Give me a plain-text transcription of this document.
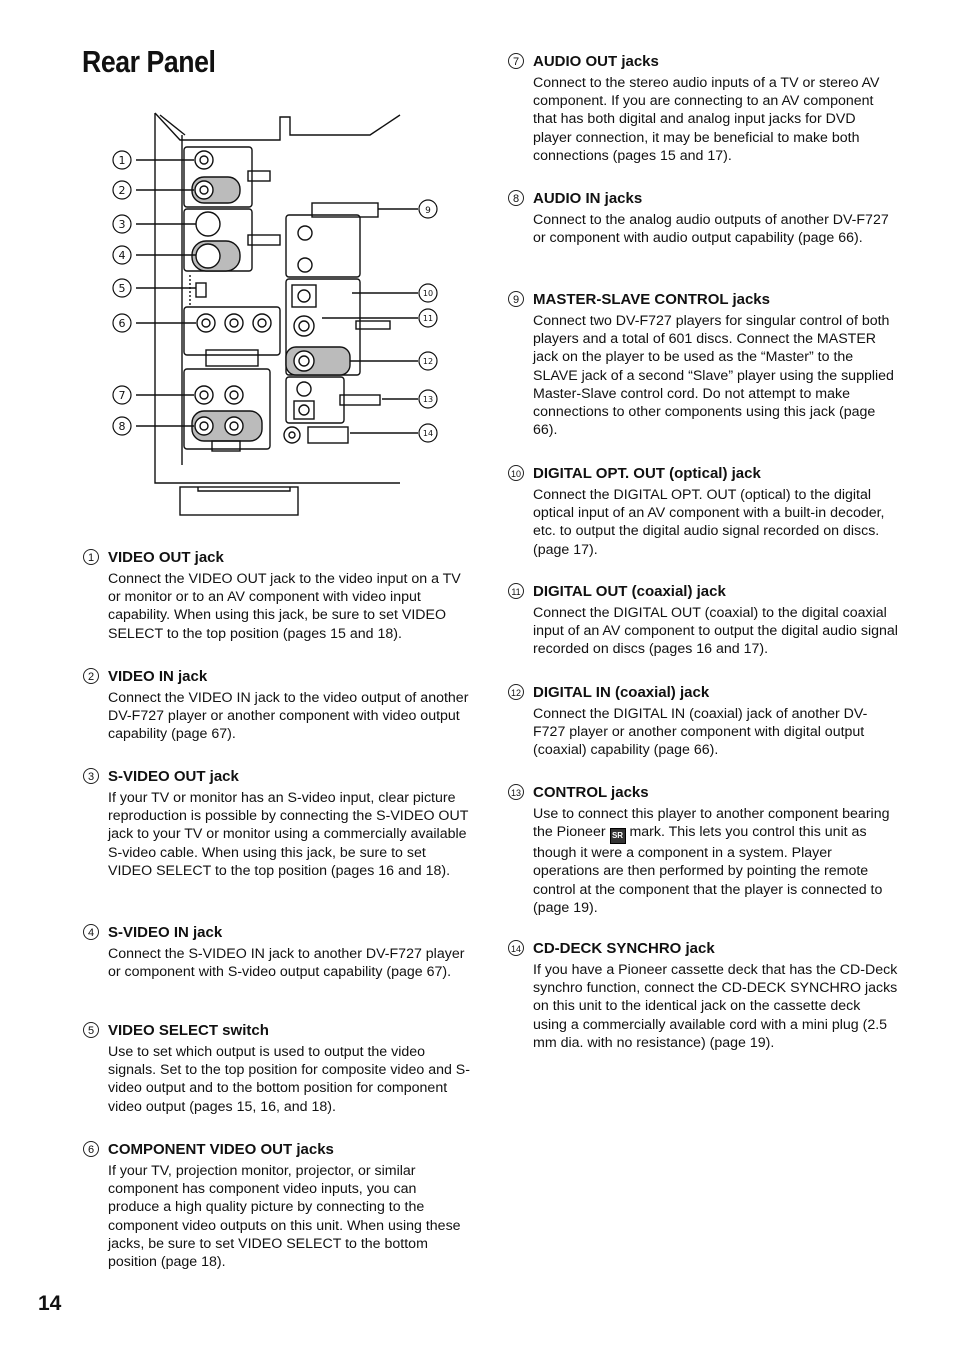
Rear Panel
1
2
3
4
5
6
7
8
9
10
11
12
13
14
1 VIDEO OUT jack

Connect the VIDEO OUT jack to the video input on a TV or monitor or to an AV component with video input capability. When using this jack, be sure to set VIDEO SELECT to the top position (pages 15 and 18).

2 VIDEO IN jack

Connect the VIDEO IN jack to the video output of another DV-F727 player or another component with video output capability (page 67).

3 S-VIDEO OUT jack

If your TV or monitor has an S-video input, clear picture reproduction is possible by connecting the S-VIDEO OUT jack to your TV or monitor using a commercially available S-video cable. When using this jack, be sure to set VIDEO SELECT to the top position (pages 16 and 18).

4 S-VIDEO IN jack

Connect the S-VIDEO IN jack to another DV-F727 player or component with S-video output capability (page 67).

5 VIDEO SELECT switch

Use to set which output is used to output the video signals. Set to the top position for composite video and S-video output and to the bottom position for component video output (pages 15, 16, and 18).

6 COMPONENT VIDEO OUT jacks

If your TV, projection monitor, projector, or similar component has component video inputs, you can produce a high quality picture by connecting to the component video outputs on this unit. When using these jacks, be sure to set VIDEO SELECT to the bottom position (page 18).

7 AUDIO OUT jacks

Connect to the stereo audio inputs of a TV or stereo AV component. If you are connecting to an AV component that has both digital and analog input jacks for DVD player connection, it may be beneficial to make both connections (pages 15 and 17).

8 AUDIO IN jacks

Connect to the analog audio outputs of another DV-F727 or component with audio output capability (page 66).

9 MASTER-SLAVE CONTROL jacks

Connect two DV-F727 players for singular control of both players and a total of 601 discs. Connect the MASTER jack on the player to be used as the “Master” to the SLAVE jack of a second “Slave” player using the supplied Master-Slave control cord. Do not attempt to make connections to other components using this jack (page 66).

10 DIGITAL OPT. OUT (optical) jack

Connect the DIGITAL OPT. OUT (optical) to the digital optical input of an AV component with a built-in decoder, etc. to output the digital audio signal recorded on discs. (page 17).

11 DIGITAL OUT (coaxial) jack

Connect the DIGITAL OUT (coaxial) to the digital coaxial input of an AV component to output the digital audio signal recorded on discs (pages 16 and 17).

12 DIGITAL IN (coaxial) jack

Connect the DIGITAL IN (coaxial) jack of another DV-F727 player or another component with digital output (coaxial) capability (page 66).

13 CONTROL jacks

Use to connect this player to another component bearing the Pioneer SR mark. This lets you control this unit as though it were a component in a system. Player operations are then performed by pointing the remote control at the component that the player is connected to (page 19).

14 CD-DECK SYNCHRO jack

If you have a Pioneer cassette deck that has the CD-Deck synchro function, connect the CD-DECK SYNCHRO jacks on this unit to the identical jack on the cassette deck using a commercially available cord with a mini plug (2.5 mm dia. with no resistance) (page 19).

14
